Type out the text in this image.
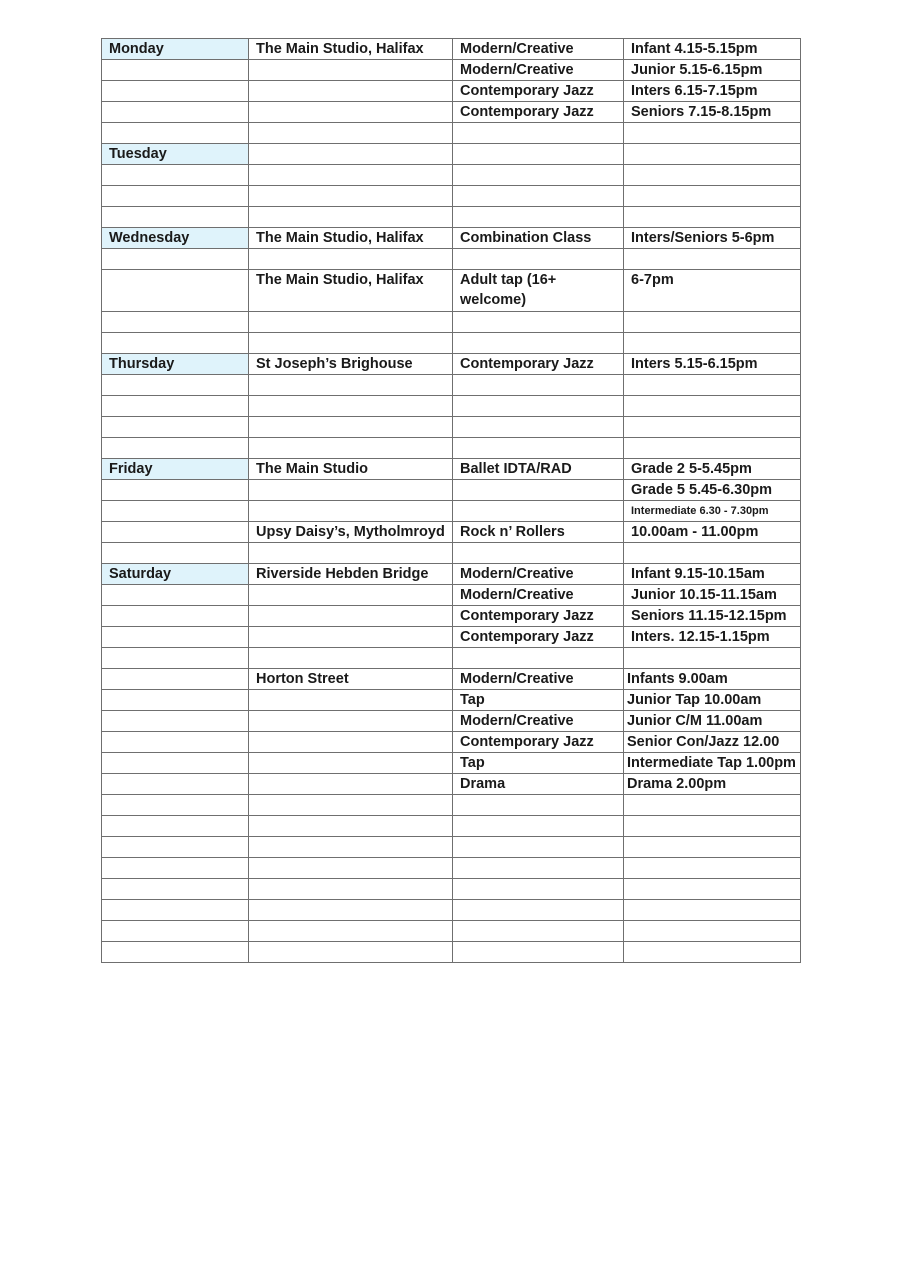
Monday	The Main Studio, Halifax	Modern/Creative	Infant 4.15-5.15pm
		Modern/Creative	Junior 5.15-6.15pm
		Contemporary Jazz	Inters 6.15-7.15pm
		Contemporary Jazz	Seniors 7.15-8.15pm

Tuesday			

Wednesday	The Main Studio, Halifax	Combination Class	Inters/Seniors 5-6pm

	The Main Studio, Halifax	Adult tap (16+ welcome)	6-7pm

Thursday	St Joseph’s Brighouse	Contemporary Jazz	Inters 5.15-6.15pm

Friday	The Main Studio	Ballet IDTA/RAD	Grade 2 5-5.45pm
			Grade 5 5.45-6.30pm
			Intermediate 6.30 - 7.30pm
	Upsy Daisy’s, Mytholmroyd	Rock n’ Rollers	10.00am - 11.00pm

Saturday	Riverside Hebden Bridge	Modern/Creative	Infant 9.15-10.15am
		Modern/Creative	Junior 10.15-11.15am
		Contemporary Jazz	Seniors 11.15-12.15pm
		Contemporary Jazz	Inters. 12.15-1.15pm

	Horton Street	Modern/Creative	Infants 9.00am
		Tap	Junior Tap 10.00am
		Modern/Creative	Junior C/M 11.00am
		Contemporary Jazz	Senior Con/Jazz 12.00
		Tap	Intermediate Tap 1.00pm
		Drama	Drama 2.00pm
